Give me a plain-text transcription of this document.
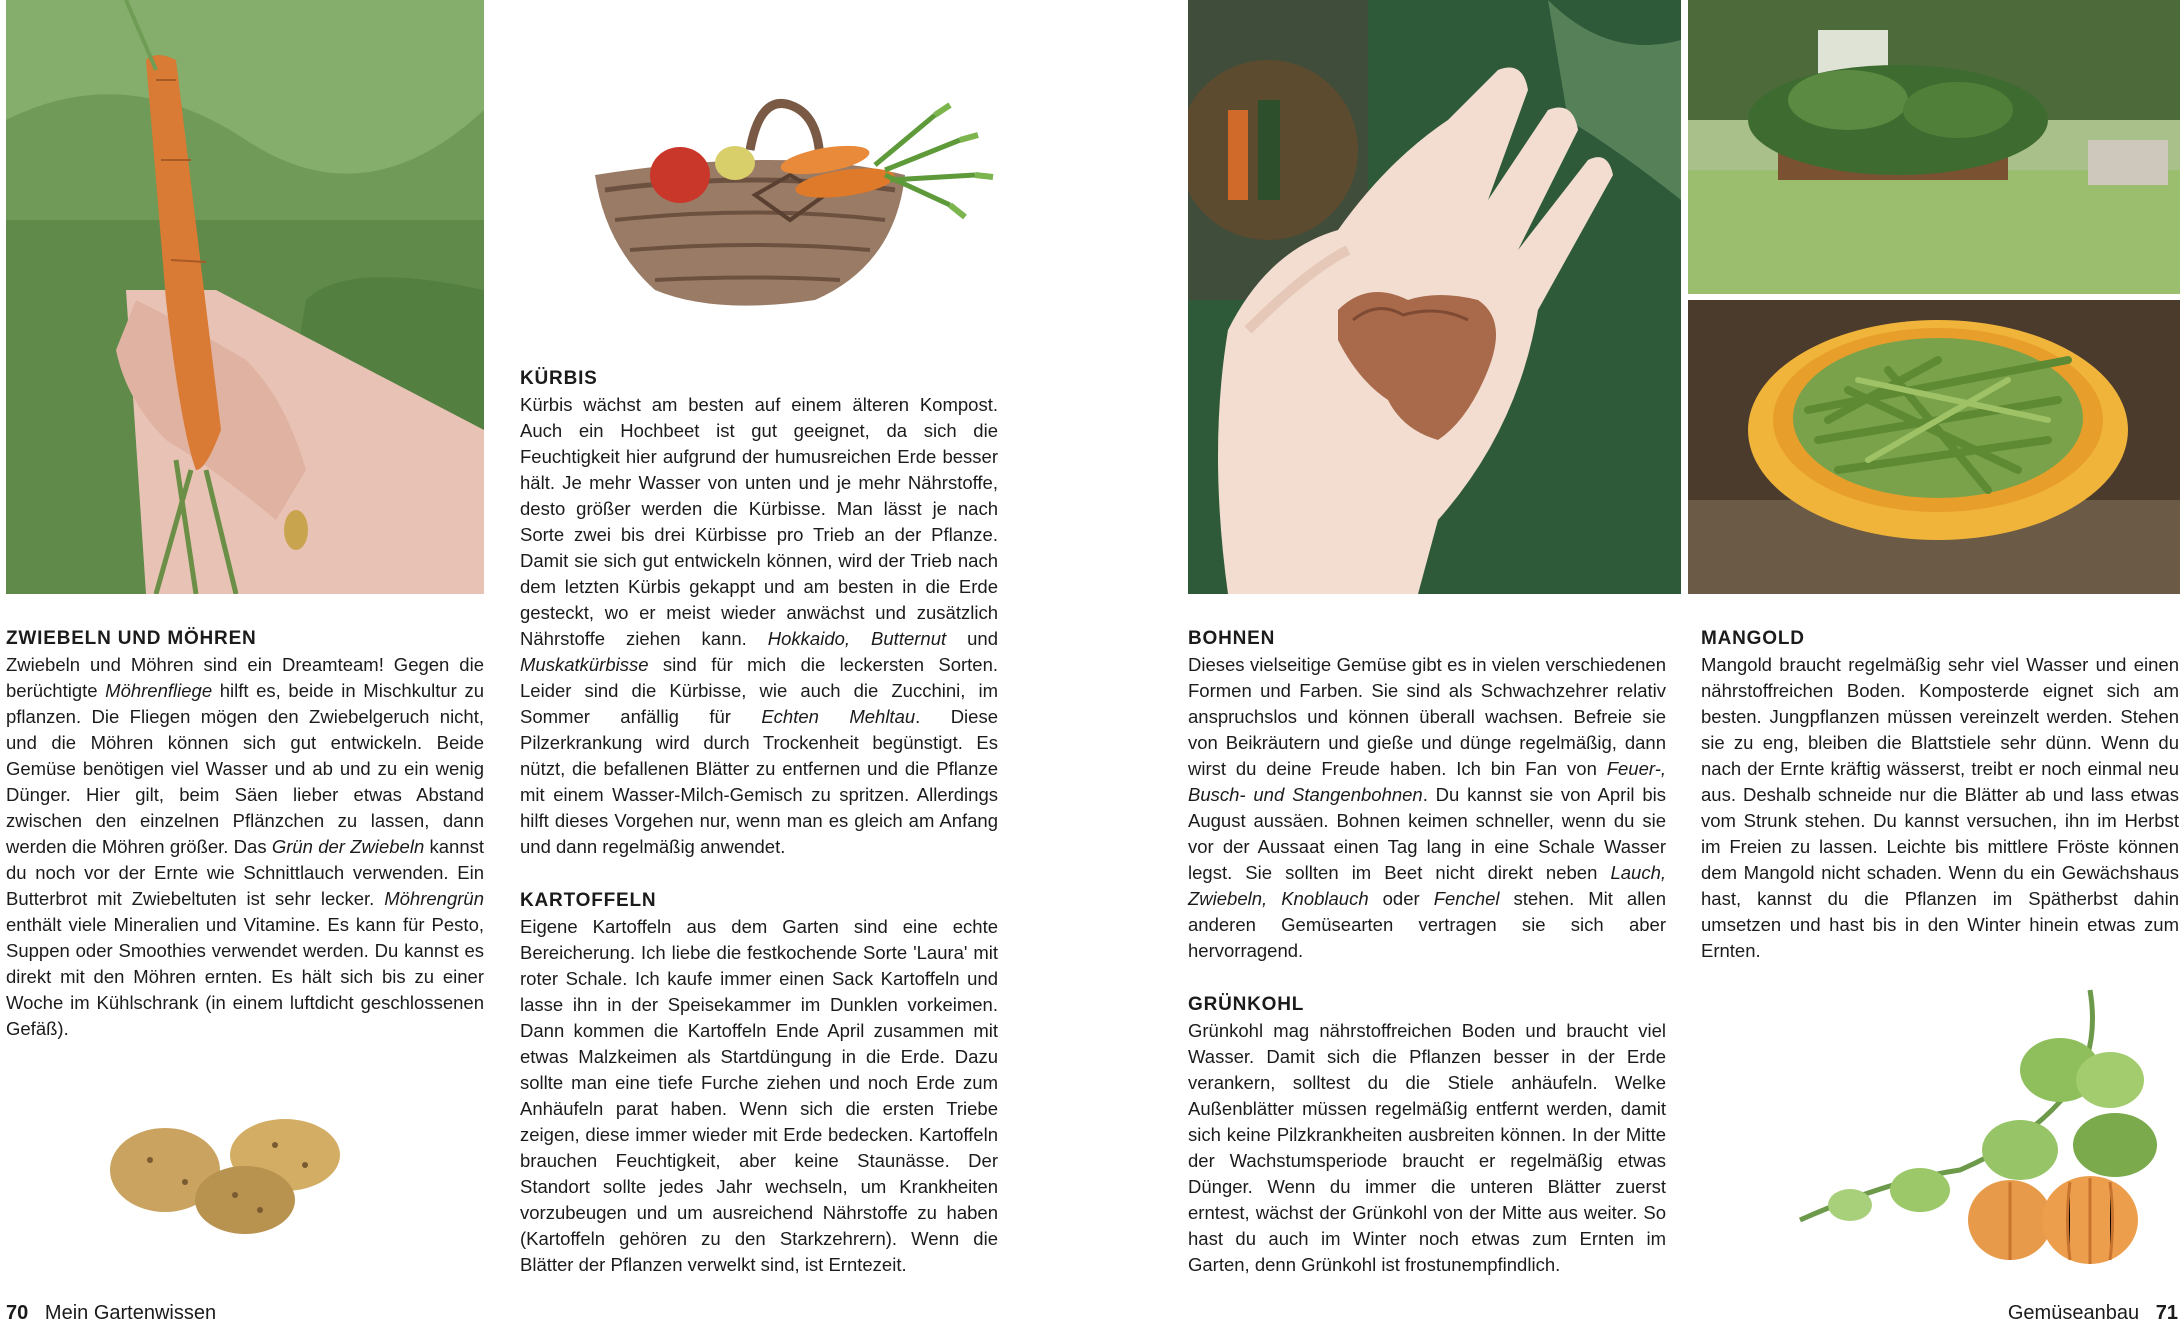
ZWIEBELN UND MÖHREN

Zwiebeln und Möhren sind ein Dreamteam! Gegen die berüchtigte Möhrenfliege hilft es, beide in Mischkultur zu pflanzen. Die Fliegen mögen den Zwiebelgeruch nicht, und die Möhren können sich gut entwickeln. Beide Gemüse benötigen viel Wasser und ab und zu ein wenig Dünger. Hier gilt, beim Säen lieber etwas Abstand zwischen den einzelnen Pflänzchen zu lassen, dann werden die Möhren größer. Das Grün der Zwiebeln kannst du noch vor der Ernte wie Schnittlauch verwenden. Ein Butterbrot mit Zwiebeltuten ist sehr lecker. Möhrengrün enthält viele Mineralien und Vitamine. Es kann für Pesto, Suppen oder Smoothies verwendet werden. Du kannst es direkt mit den Möhren ernten. Es hält sich bis zu einer Woche im Kühlschrank (in einem luftdicht geschlossenen Gefäß).

KÜRBIS

Kürbis wächst am besten auf einem älteren Kompost. Auch ein Hochbeet ist gut geeignet, da sich die Feuchtigkeit hier aufgrund der humusreichen Erde besser hält. Je mehr Wasser von unten und je mehr Nährstoffe, desto größer werden die Kürbisse. Man lässt je nach Sorte zwei bis drei Kürbisse pro Trieb an der Pflanze. Damit sie sich gut entwickeln können, wird der Trieb nach dem letzten Kürbis gekappt und am besten in die Erde gesteckt, wo er meist wieder anwächst und zusätzlich Nährstoffe ziehen kann. Hokkaido, Butternut und Muskatkürbisse sind für mich die leckersten Sorten. Leider sind die Kürbisse, wie auch die Zucchini, im Sommer anfällig für Echten Mehltau. Diese Pilzerkrankung wird durch Trockenheit begünstigt. Es nützt, die befallenen Blätter zu entfernen und die Pflanze mit einem Wasser-Milch-Gemisch zu spritzen. Allerdings hilft dieses Vorgehen nur, wenn man es gleich am Anfang und dann regelmäßig anwendet.

KARTOFFELN

Eigene Kartoffeln aus dem Garten sind eine echte Bereicherung. Ich liebe die festkochende Sorte 'Laura' mit roter Schale. Ich kaufe immer einen Sack Kartoffeln und lasse ihn in der Speisekammer im Dunklen vorkeimen. Dann kommen die Kartoffeln Ende April zusammen mit etwas Malzkeimen als Startdüngung in die Erde. Dazu sollte man eine tiefe Furche ziehen und noch Erde zum Anhäufeln parat haben. Wenn sich die ersten Triebe zeigen, diese immer wieder mit Erde bedecken. Kartoffeln brauchen Feuchtigkeit, aber keine Staunässe. Der Standort sollte jedes Jahr wechseln, um Krankheiten vorzubeugen und um ausreichend Nährstoffe zu haben (Kartoffeln gehören zu den Starkzehrern). Wenn die Blätter der Pflanzen verwelkt sind, ist Erntezeit.

BOHNEN

Dieses vielseitige Gemüse gibt es in vielen verschiedenen Formen und Farben. Sie sind als Schwachzehrer relativ anspruchslos und können überall wachsen. Befreie sie von Beikräutern und gieße und dünge regelmäßig, dann wirst du deine Freude haben. Ich bin Fan von Feuer-, Busch- und Stangenbohnen. Du kannst sie von April bis August aussäen. Bohnen keimen schneller, wenn du sie vor der Aussaat einen Tag lang in eine Schale Wasser legst. Sie sollten im Beet nicht direkt neben Lauch, Zwiebeln, Knoblauch oder Fenchel stehen. Mit allen anderen Gemüsearten vertragen sie sich aber hervorragend.

GRÜNKOHL

Grünkohl mag nährstoffreichen Boden und braucht viel Wasser. Damit sich die Pflanzen besser in der Erde verankern, solltest du die Stiele anhäufeln. Welke Außenblätter müssen regelmäßig entfernt werden, damit sich keine Pilzkrankheiten ausbreiten können. In der Mitte der Wachstumsperiode braucht er regelmäßig etwas Dünger. Wenn du immer die unteren Blätter zuerst erntest, wächst der Grünkohl von der Mitte aus weiter. So hast du auch im Winter noch etwas zum Ernten im Garten, denn Grünkohl ist frostunempfindlich.

MANGOLD

Mangold braucht regelmäßig sehr viel Wasser und einen nährstoffreichen Boden. Komposterde eignet sich am besten. Jungpflanzen müssen vereinzelt werden. Stehen sie zu eng, bleiben die Blattstiele sehr dünn. Wenn du nach der Ernte kräftig wässerst, treibt er noch einmal neu aus. Deshalb schneide nur die Blätter ab und lass etwas vom Strunk stehen. Du kannst versuchen, ihn im Herbst im Freien zu lassen. Leichte bis mittlere Fröste können dem Mangold nicht schaden. Wenn du ein Gewächshaus hast, kannst du die Pflanzen im Spätherbst dahin umsetzen und hast bis in den Winter hinein etwas zum Ernten.

70 Mein Gartenwissen	Gemüseanbau 71
